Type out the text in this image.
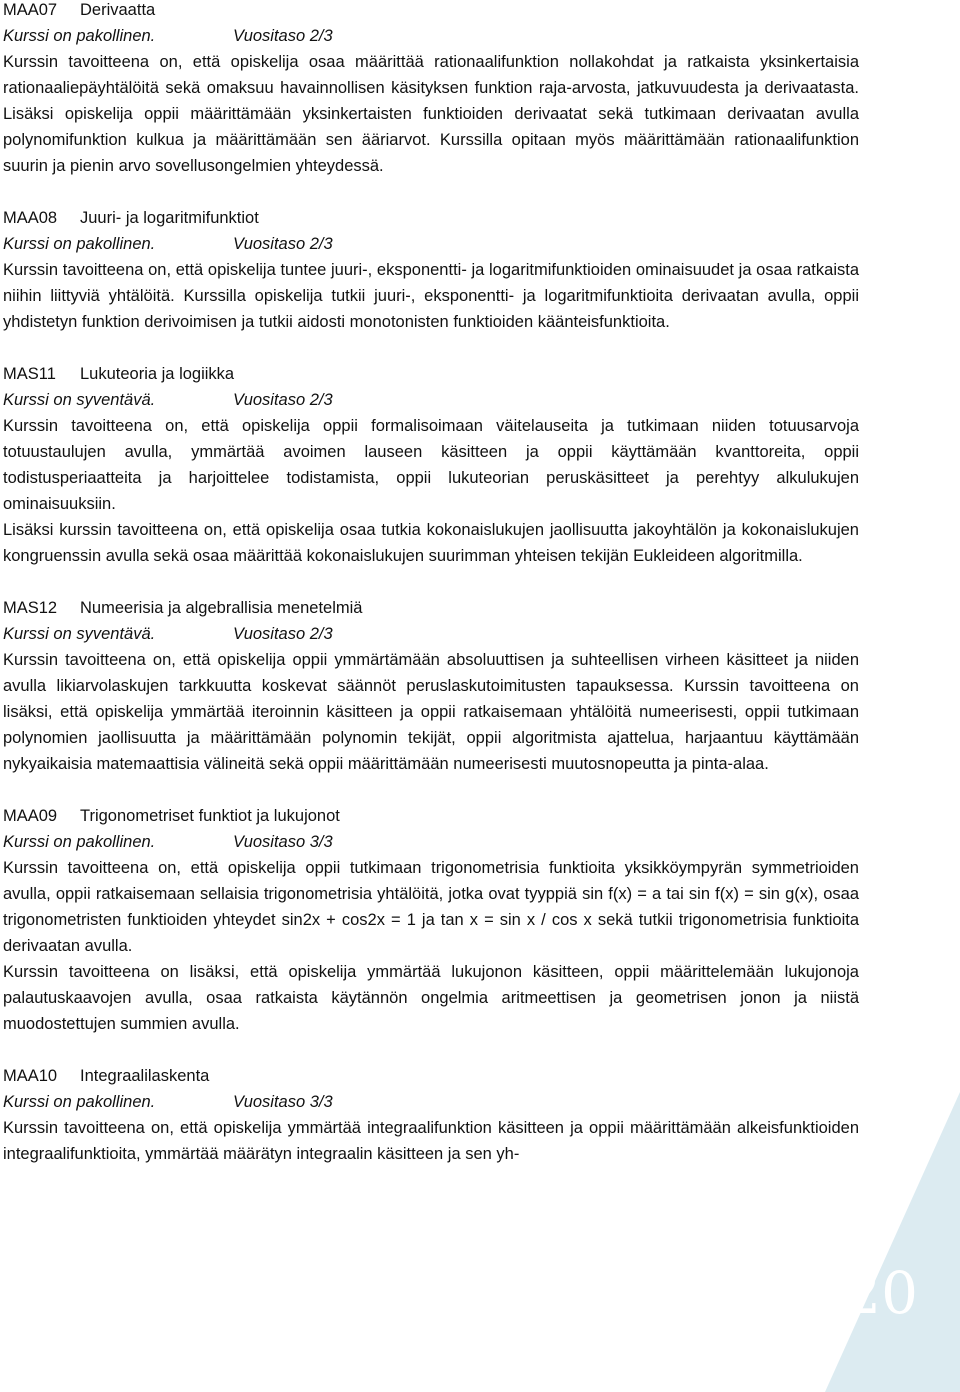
MAA07 Derivaatta
Kurssi on pakollinen.	Vuositaso 2/3

Kurssin tavoitteena on, että opiskelija osaa määrittää rationaalifunktion nollakohdat ja ratkaista yksinkertaisia rationaaliepäyhtälöitä sekä omaksuu havainnollisen käsityksen funktion raja-arvosta, jatkuvuudesta ja derivaatasta. Lisäksi opiskelija oppii määrittämään yksinkertaisten funktioiden derivaatat sekä tutkimaan derivaatan avulla polynomifunktion kulkua ja määrittämään sen ääriarvot. Kurssilla opitaan myös määrittämään rationaalifunktion suurin ja pienin arvo sovellusongelmien yhteydessä.

MAA08 Juuri- ja logaritmifunktiot
Kurssi on pakollinen.	Vuositaso 2/3

Kurssin tavoitteena on, että opiskelija tuntee juuri-, eksponentti- ja logaritmifunktioiden ominaisuudet ja osaa ratkaista niihin liittyviä yhtälöitä. Kurssilla opiskelija tutkii juuri-, eksponentti- ja logaritmifunktioita derivaatan avulla, oppii yhdistetyn funktion derivoimisen ja tutkii aidosti monotonisten funktioiden käänteisfunktioita.

MAS11 Lukuteoria ja logiikka
Kurssi on syventävä.	Vuositaso 2/3

Kurssin tavoitteena on, että opiskelija oppii formalisoimaan väitelauseita ja tutkimaan niiden totuusarvoja totuustaulujen avulla, ymmärtää avoimen lauseen käsitteen ja oppii käyttämään kvanttoreita, oppii todistusperiaatteita ja harjoittelee todistamista, oppii lukuteorian peruskäsitteet ja perehtyy alkulukujen ominaisuuksiin.

Lisäksi kurssin tavoitteena on, että opiskelija osaa tutkia kokonaislukujen jaollisuutta jakoyhtälön ja kokonaislukujen kongruenssin avulla sekä osaa määrittää kokonaislukujen suurimman yhteisen tekijän Eukleideen algoritmilla.

MAS12 Numeerisia ja algebrallisia menetelmiä
Kurssi on syventävä.	Vuositaso 2/3

Kurssin tavoitteena on, että opiskelija oppii ymmärtämään absoluuttisen ja suhteellisen virheen käsitteet ja niiden avulla likiarvolaskujen tarkkuutta koskevat säännöt peruslaskutoimitusten tapauksessa. Kurssin tavoitteena on lisäksi, että opiskelija ymmärtää iteroinnin käsitteen ja oppii ratkaisemaan yhtälöitä numeerisesti, oppii tutkimaan polynomien jaollisuutta ja määrittämään polynomin tekijät, oppii algoritmista ajattelua, harjaantuu käyttämään nykyaikaisia matemaattisia välineitä sekä oppii määrittämään numeerisesti muutosnopeutta ja pinta-alaa.

MAA09 Trigonometriset funktiot ja lukujonot
Kurssi on pakollinen.	Vuositaso 3/3

Kurssin tavoitteena on, että opiskelija oppii tutkimaan trigonometrisia funktioita yksikköympyrän symmetrioiden avulla, oppii ratkaisemaan sellaisia trigonometrisia yhtälöitä, jotka ovat tyyppiä sin f(x) = a tai sin f(x) = sin g(x), osaa trigonometristen funktioiden yhteydet sin2x + cos2x = 1 ja tan x = sin x / cos x sekä tutkii trigonometrisia funktioita derivaatan avulla.

Kurssin tavoitteena on lisäksi, että opiskelija ymmärtää lukujonon käsitteen, oppii määrittelemään lukujonoja palautuskaavojen avulla, osaa ratkaista käytännön ongelmia aritmeettisen ja geometrisen jonon ja niistä muodostettujen summien avulla.

MAA10 Integraalilaskenta
Kurssi on pakollinen.	Vuositaso 3/3

Kurssin tavoitteena on, että opiskelija ymmärtää integraalifunktion käsitteen ja oppii määrittämään alkeisfunktioiden integraalifunktioita, ymmärtää määrätyn integraalin käsitteen ja sen yh-

20
